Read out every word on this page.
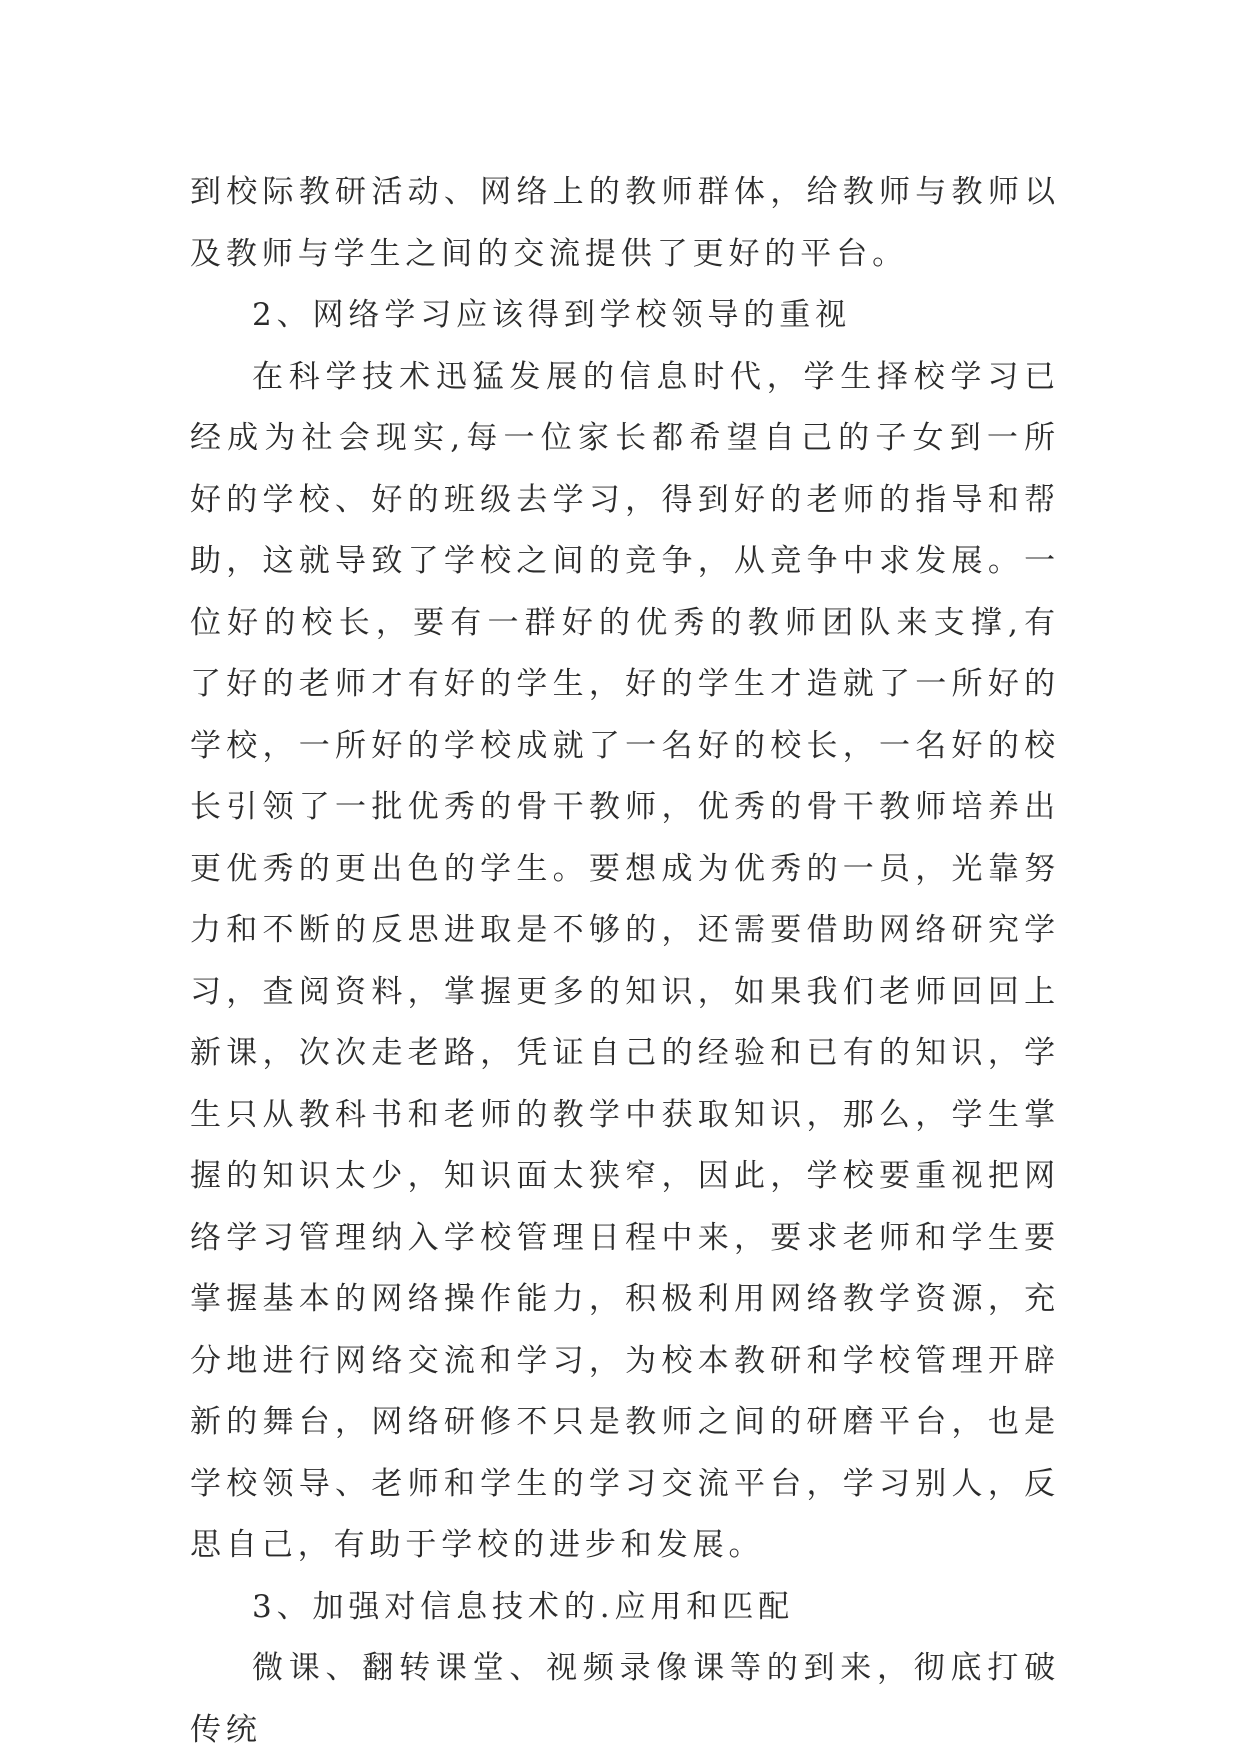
到校际教研活动、网络上的教师群体，给教师与教师以及教师与学生之间的交流提供了更好的平台。

2、网络学习应该得到学校领导的重视

在科学技术迅猛发展的信息时代，学生择校学习已经成为社会现实,每一位家长都希望自己的子女到一所好的学校、好的班级去学习，得到好的老师的指导和帮助，这就导致了学校之间的竞争，从竞争中求发展。一位好的校长，要有一群好的优秀的教师团队来支撑,有了好的老师才有好的学生，好的学生才造就了一所好的学校，一所好的学校成就了一名好的校长，一名好的校长引领了一批优秀的骨干教师，优秀的骨干教师培养出更优秀的更出色的学生。要想成为优秀的一员，光靠努力和不断的反思进取是不够的，还需要借助网络研究学习，查阅资料，掌握更多的知识，如果我们老师回回上新课，次次走老路，凭证自己的经验和已有的知识，学生只从教科书和老师的教学中获取知识，那么，学生掌握的知识太少，知识面太狭窄，因此，学校要重视把网络学习管理纳入学校管理日程中来，要求老师和学生要掌握基本的网络操作能力，积极利用网络教学资源，充分地进行网络交流和学习，为校本教研和学校管理开辟新的舞台，网络研修不只是教师之间的研磨平台，也是学校领导、老师和学生的学习交流平台，学习别人，反思自己，有助于学校的进步和发展。

3、加强对信息技术的.应用和匹配

微课、翻转课堂、视频录像课等的到来，彻底打破传统
